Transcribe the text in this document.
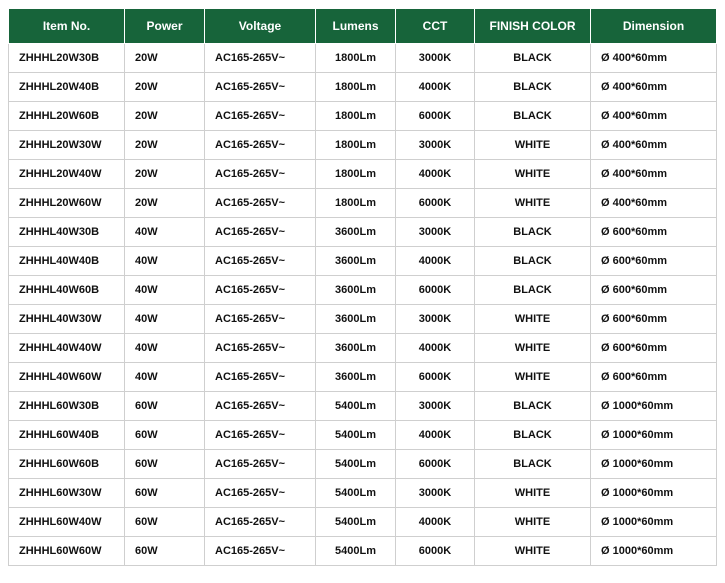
Item No.	Power	Voltage	Lumens	CCT	FINISH COLOR	Dimension
ZHHHL20W30B	20W	AC165-265V~	1800Lm	3000K	BLACK	Ø 400*60mm
ZHHHL20W40B	20W	AC165-265V~	1800Lm	4000K	BLACK	Ø 400*60mm
ZHHHL20W60B	20W	AC165-265V~	1800Lm	6000K	BLACK	Ø 400*60mm
ZHHHL20W30W	20W	AC165-265V~	1800Lm	3000K	WHITE	Ø 400*60mm
ZHHHL20W40W	20W	AC165-265V~	1800Lm	4000K	WHITE	Ø 400*60mm
ZHHHL20W60W	20W	AC165-265V~	1800Lm	6000K	WHITE	Ø 400*60mm
ZHHHL40W30B	40W	AC165-265V~	3600Lm	3000K	BLACK	Ø 600*60mm
ZHHHL40W40B	40W	AC165-265V~	3600Lm	4000K	BLACK	Ø 600*60mm
ZHHHL40W60B	40W	AC165-265V~	3600Lm	6000K	BLACK	Ø 600*60mm
ZHHHL40W30W	40W	AC165-265V~	3600Lm	3000K	WHITE	Ø 600*60mm
ZHHHL40W40W	40W	AC165-265V~	3600Lm	4000K	WHITE	Ø 600*60mm
ZHHHL40W60W	40W	AC165-265V~	3600Lm	6000K	WHITE	Ø 600*60mm
ZHHHL60W30B	60W	AC165-265V~	5400Lm	3000K	BLACK	Ø 1000*60mm
ZHHHL60W40B	60W	AC165-265V~	5400Lm	4000K	BLACK	Ø 1000*60mm
ZHHHL60W60B	60W	AC165-265V~	5400Lm	6000K	BLACK	Ø 1000*60mm
ZHHHL60W30W	60W	AC165-265V~	5400Lm	3000K	WHITE	Ø 1000*60mm
ZHHHL60W40W	60W	AC165-265V~	5400Lm	4000K	WHITE	Ø 1000*60mm
ZHHHL60W60W	60W	AC165-265V~	5400Lm	6000K	WHITE	Ø 1000*60mm
